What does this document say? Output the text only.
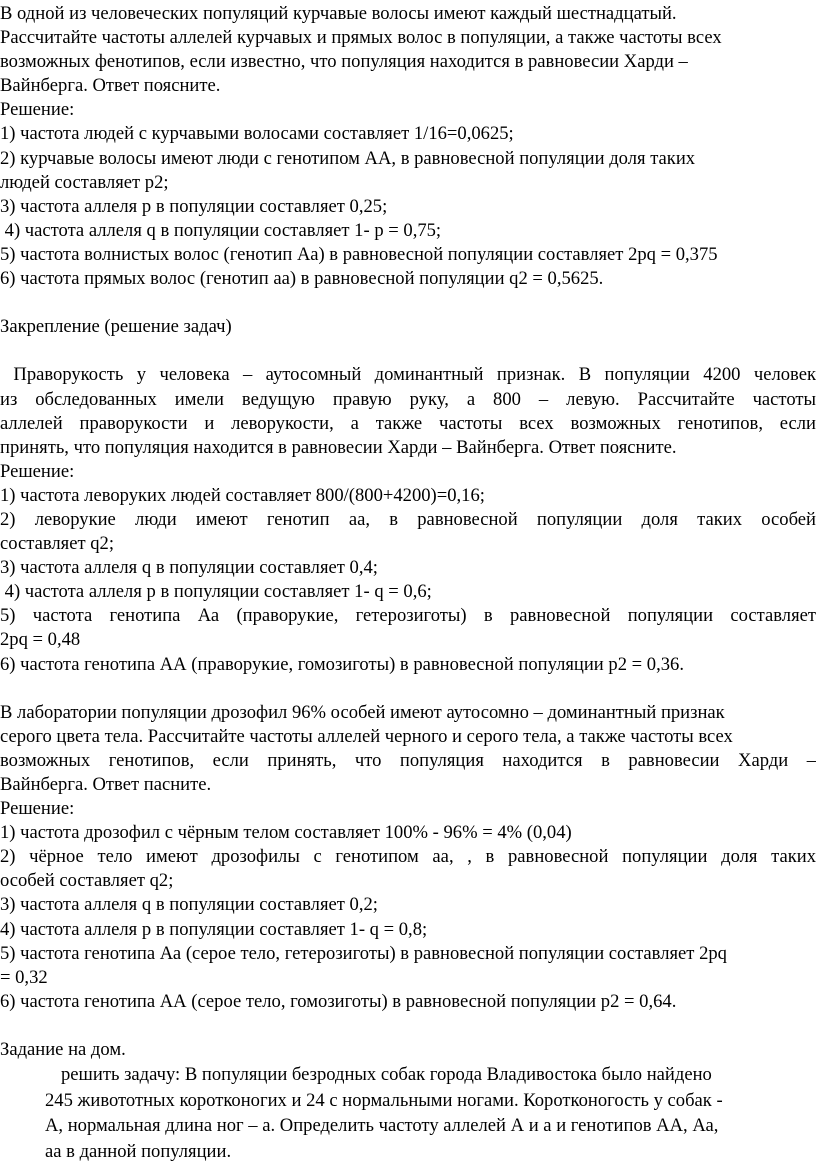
В одной из человеческих популяций курчавые волосы имеют каждый шестнадцатый.
Рассчитайте частоты аллелей курчавых и прямых волос в популяции, а также частоты всех
возможных фенотипов, если известно, что популяция находится в равновесии Харди –
Вайнберга. Ответ поясните.
Решение:
1) частота людей с курчавыми волосами составляет 1/16=0,0625;
2) курчавые волосы имеют люди с генотипом АА, в равновесной популяции доля таких
людей составляет p2;
3) частота аллеля p в популяции составляет 0,25;
4) частота аллеля q в популяции составляет 1- p = 0,75;
5) частота волнистых волос (генотип Аа) в равновесной популяции составляет 2pq = 0,375
6) частота прямых волос (генотип аа) в равновесной популяции q2 = 0,5625.
Закрепление (решение задач)
Праворукость у человека – аутосомный доминантный признак. В популяции 4200 человек
из обследованных имели ведущую правую руку, а 800 – левую. Рассчитайте частоты
аллелей праворукости и леворукости, а также частоты всех возможных генотипов, если
принять, что популяция находится в равновесии Харди – Вайнберга. Ответ поясните.
Решение:
1) частота леворуких людей составляет 800/(800+4200)=0,16;
2) леворукие люди имеют генотип аа, в равновесной популяции доля таких особей
составляет q2;
3) частота аллеля q в популяции составляет 0,4;
4) частота аллеля p в популяции составляет 1- q = 0,6;
5) частота генотипа Аа (праворукие, гетерозиготы) в равновесной популяции составляет
2pq = 0,48
6) частота генотипа АА (праворукие, гомозиготы) в равновесной популяции p2 = 0,36.
В лаборатории популяции дрозофил 96% особей имеют аутосомно – доминантный признак
серого цвета тела. Рассчитайте частоты аллелей черного и серого тела, а также частоты всех
возможных генотипов, если принять, что популяция находится в равновесии Харди –
Вайнберга. Ответ пасните.
Решение:
1) частота дрозофил с чёрным телом составляет 100% - 96% = 4% (0,04)
2) чёрное тело имеют дрозофилы с генотипом аа, , в равновесной популяции доля таких
особей составляет q2;
3) частота аллеля q в популяции составляет 0,2;
4) частота аллеля p в популяции составляет 1- q = 0,8;
5) частота генотипа Аа (серое тело, гетерозиготы) в равновесной популяции составляет 2pq
= 0,32
6) частота генотипа АА (серое тело, гомозиготы) в равновесной популяции p2 = 0,64.
Задание на дом.
решить задачу: В популяции безродных собак города Владивостока было найдено
245 живототных коротконогих и 24 с нормальными ногами. Коротконогость у собак -
А, нормальная длина ног – а. Определить частоту аллелей А и а и генотипов АА, Аа,
аа в данной популяции.
